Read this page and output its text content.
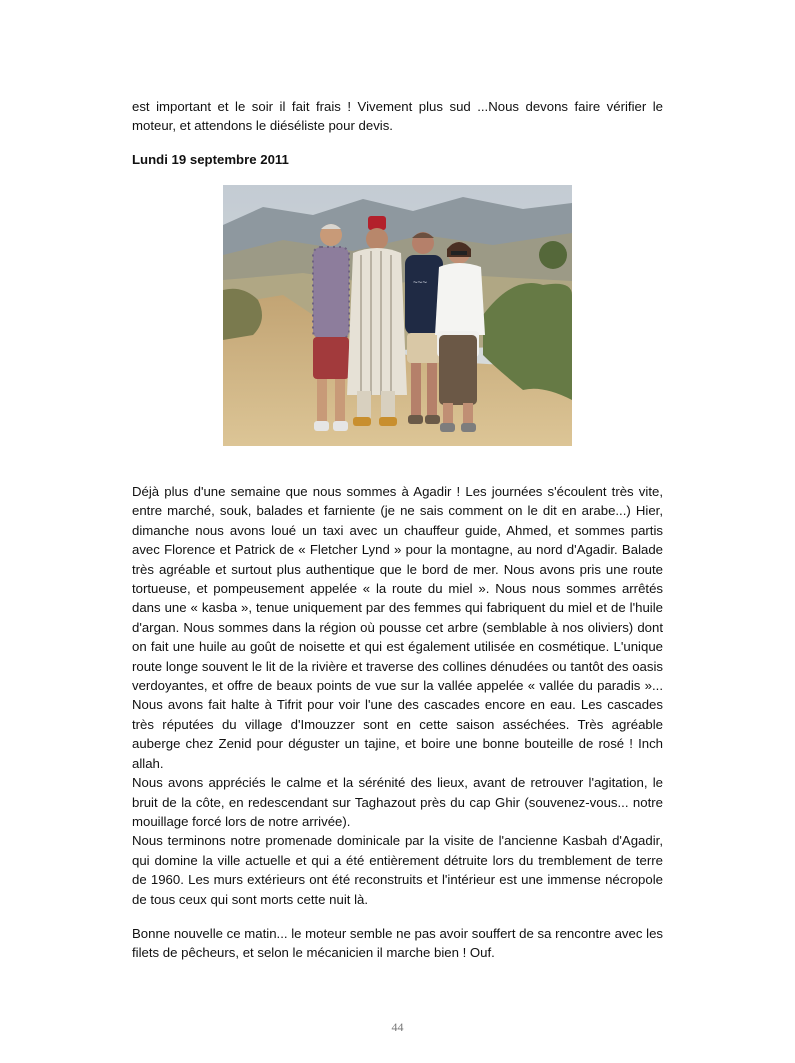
est important et le soir il fait frais ! Vivement plus sud ...Nous devons faire vérifier le moteur, et attendons le diéséliste pour devis.

Lundi 19 septembre 2011

~~~

Déjà plus d'une semaine que nous sommes à Agadir ! Les journées s'écoulent très vite, entre marché, souk, balades et farniente (je ne sais comment on le dit en arabe...) Hier, dimanche nous avons loué un taxi avec un chauffeur guide, Ahmed, et sommes partis avec Florence et Patrick de « Fletcher Lynd » pour la montagne, au nord d'Agadir. Balade très agréable et surtout plus authentique que le bord de mer. Nous avons pris une route tortueuse, et pompeusement appelée « la route du miel ». Nous nous sommes arrêtés dans une « kasba », tenue uniquement par des femmes qui fabriquent du miel et de l'huile d'argan. Nous sommes dans la région où pousse cet arbre (semblable à nos oliviers) dont on fait une huile au goût de noisette et qui est également utilisée en cosmétique. L'unique route longe souvent le lit de la rivière et traverse des collines dénudées ou tantôt des oasis verdoyantes, et offre de beaux points de vue sur la vallée appelée « vallée du paradis »... Nous avons fait halte à Tifrit pour voir l'une des cascades encore en eau. Les cascades très réputées du village d'Imouzzer sont en cette saison asséchées. Très agréable auberge chez Zenid pour déguster un tajine, et boire une bonne bouteille de rosé ! Inch allah.

Nous avons appréciés le calme et la sérénité des lieux, avant de retrouver l'agitation, le bruit de la côte, en redescendant sur Taghazout près du cap Ghir (souvenez-vous... notre mouillage forcé lors de notre arrivée).

Nous terminons notre promenade dominicale par la visite de l'ancienne Kasbah d'Agadir, qui domine la ville actuelle et qui a été entièrement détruite lors du tremblement de terre de 1960. Les murs extérieurs ont été reconstruits et l'intérieur est une immense nécropole de tous ceux qui sont morts cette nuit là.

Bonne nouvelle ce matin... le moteur semble ne pas avoir souffert de sa rencontre avec les filets de pêcheurs, et selon le mécanicien il marche bien ! Ouf.

44
